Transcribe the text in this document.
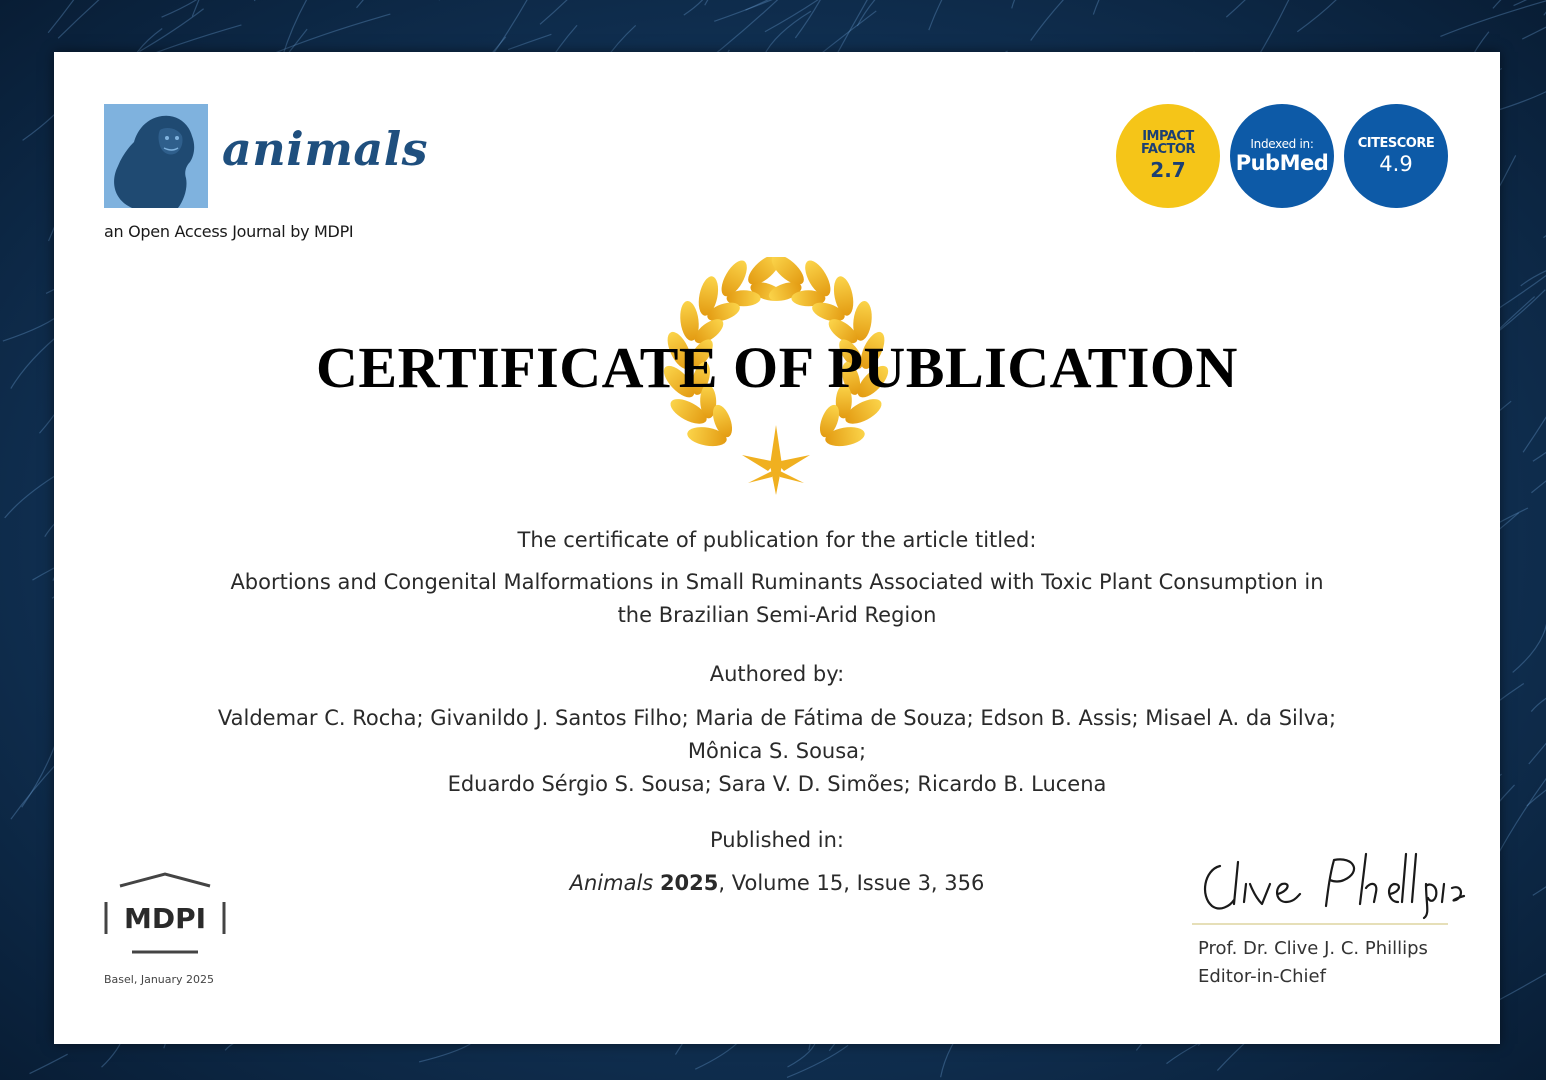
animals
an Open Access Journal by MDPI
IMPACT
FACTOR
2.7
Indexed in:
PubMed
CITESCORE
4.9
CERTIFICATE OF PUBLICATION
The certificate of publication for the article titled:
Abortions and Congenital Malformations in Small Ruminants Associated with Toxic Plant Consumption in
the Brazilian Semi-Arid Region
Authored by:
Valdemar C. Rocha; Givanildo J. Santos Filho; Maria de Fátima de Souza; Edson B. Assis; Misael A. da Silva;
Mônica S. Sousa;
Eduardo Sérgio S. Sousa; Sara V. D. Simões; Ricardo B. Lucena
Published in:
Animals 2025, Volume 15, Issue 3, 356
MDPI
Basel, January 2025
Prof. Dr. Clive J. C. Phillips
Editor-in-Chief
